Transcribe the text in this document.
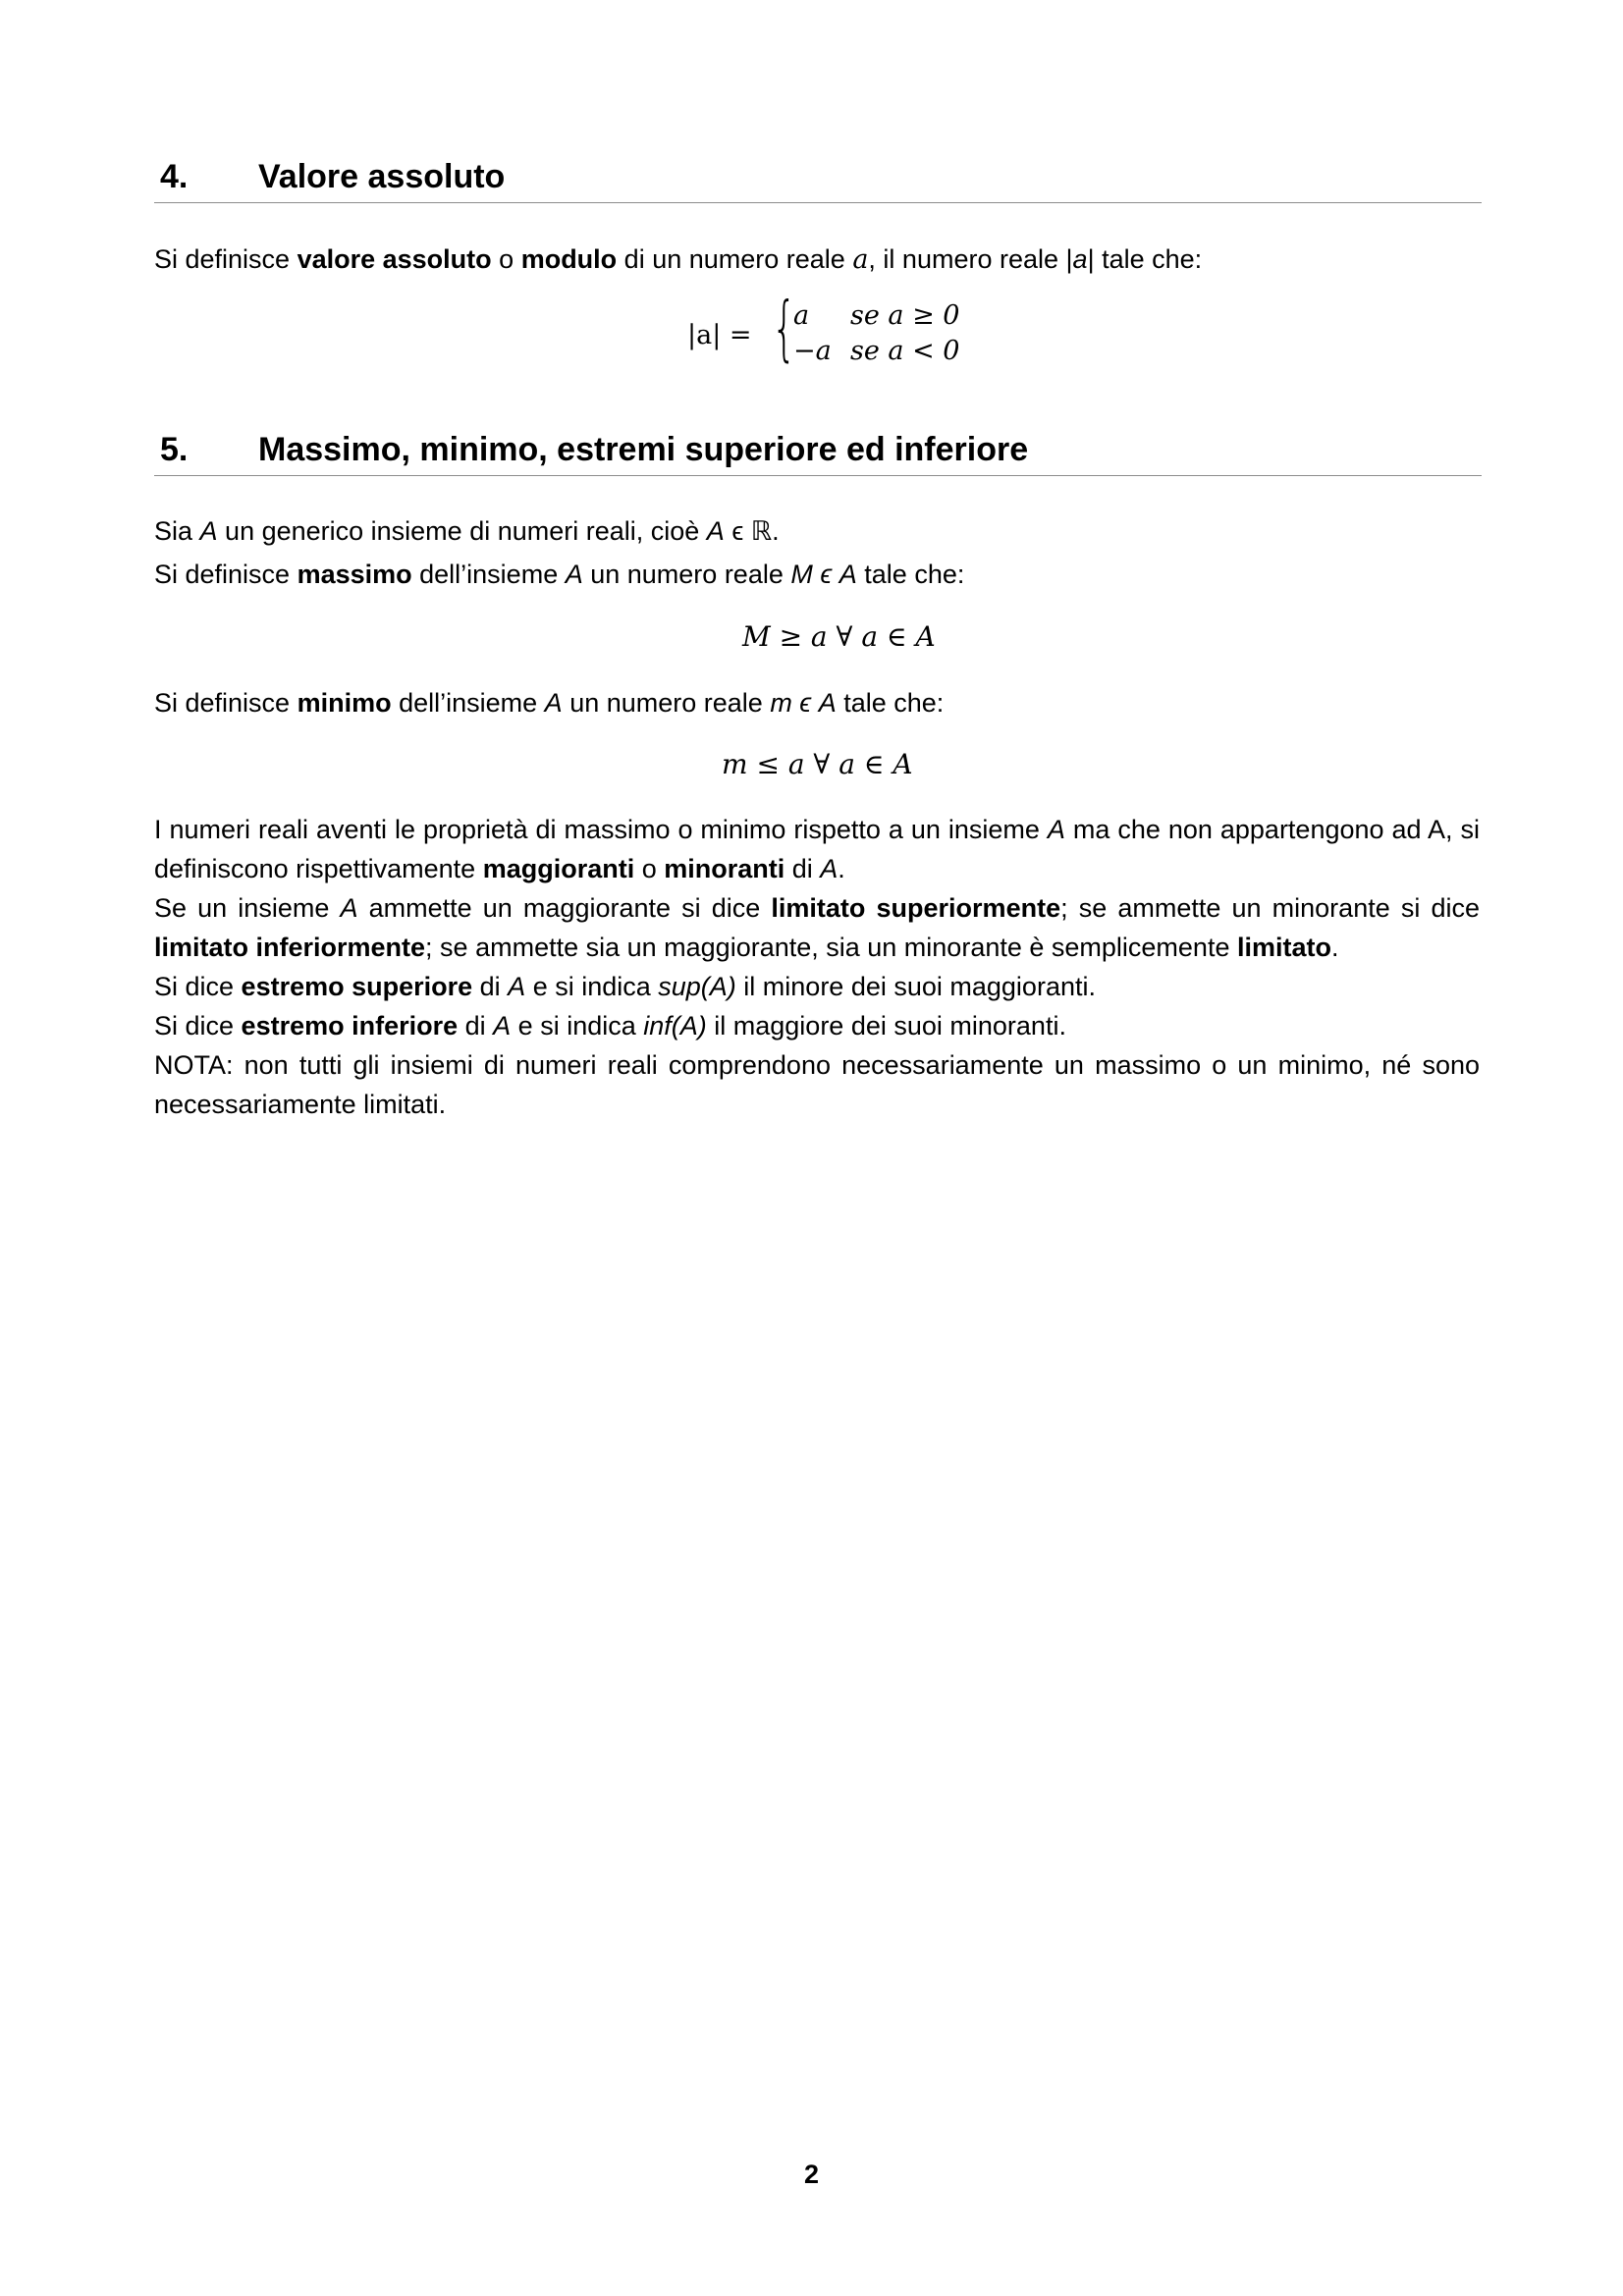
4. Valore assoluto
Si definisce valore assoluto o modulo di un numero reale a, il numero reale |a| tale che:
|a| = {
a se a ≥ 0
−a se a < 0
5. Massimo, minimo, estremi superiore ed inferiore
Sia A un generico insieme di numeri reali, cioè A ϵ ℝ.
Si definisce massimo dell’insieme A un numero reale M ϵ A tale che:
M ≥ a ∀ a ∈ A
Si definisce minimo dell’insieme A un numero reale m ϵ A tale che:
m ≤ a ∀ a ∈ A
I numeri reali aventi le proprietà di massimo o minimo rispetto a un insieme A ma che non appartengono ad A, si definiscono rispettivamente maggioranti o minoranti di A.
Se un insieme A ammette un maggiorante si dice limitato superiormente; se ammette un minorante si dice limitato inferiormente; se ammette sia un maggiorante, sia un minorante è semplicemente limitato.
Si dice estremo superiore di A e si indica sup(A) il minore dei suoi maggioranti.
Si dice estremo inferiore di A e si indica inf(A) il maggiore dei suoi minoranti.
NOTA: non tutti gli insiemi di numeri reali comprendono necessariamente un massimo o un minimo, né sono necessariamente limitati.
2
